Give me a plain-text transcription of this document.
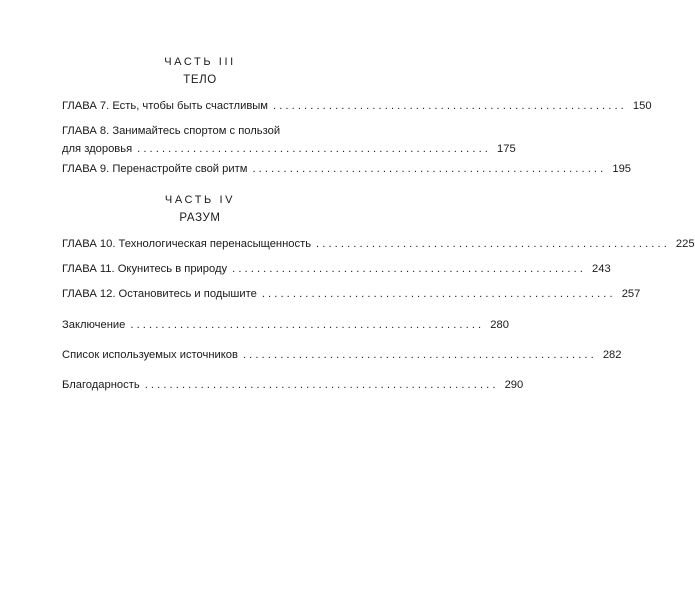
ЧАСТЬ III
ТЕЛО
ГЛАВА 7. Есть, чтобы быть счастливым ......................................................... 150
ГЛАВА 8. Занимайтесь спортом с пользой
для здоровья ......................................................... 175
ГЛАВА 9. Перенастройте свой ритм ......................................................... 195
ЧАСТЬ IV
РАЗУМ
ГЛАВА 10. Технологическая перенасыщенность ......................................................... 225
ГЛАВА 11. Окунитесь в природу ......................................................... 243
ГЛАВА 12. Остановитесь и подышите ......................................................... 257
Заключение ......................................................... 280
Список используемых источников ......................................................... 282
Благодарность ......................................................... 290
